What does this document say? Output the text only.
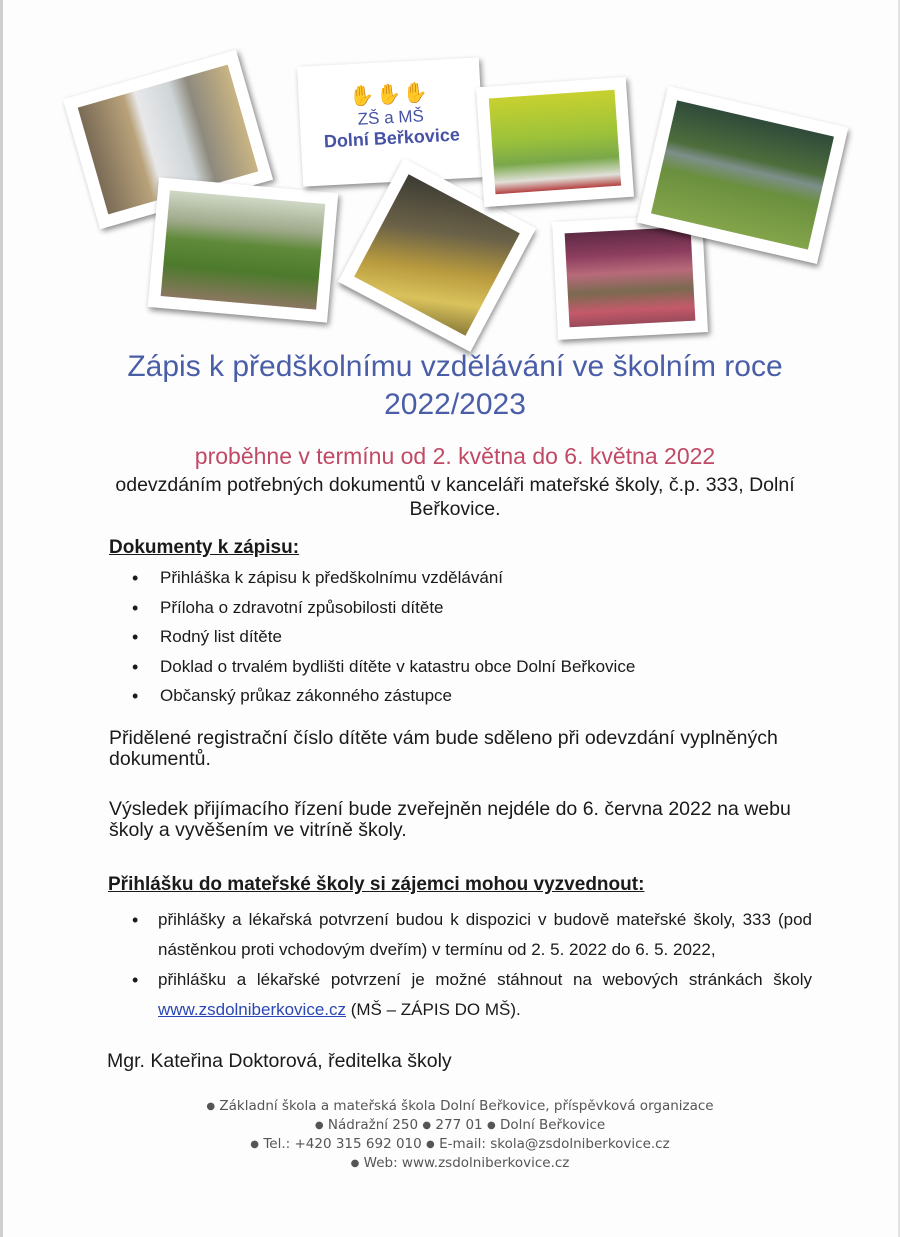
✋✋✋
ZŠ a MŠ
Dolní Beřkovice
Zápis k předškolnímu vzdělávání ve školním roce
2022/2023
proběhne v termínu od 2. května do 6. května 2022
odevzdáním potřebných dokumentů v kanceláři mateřské školy, č.p. 333, Dolní Beřkovice.
Dokumenty k zápisu:
• Přihláška k zápisu k předškolnímu vzdělávání
• Příloha o zdravotní způsobilosti dítěte
• Rodný list dítěte
• Doklad o trvalém bydlišti dítěte v katastru obce Dolní Beřkovice
• Občanský průkaz zákonného zástupce
Přidělené registrační číslo dítěte vám bude sděleno při odevzdání vyplněných dokumentů.
Výsledek přijímacího řízení bude zveřejněn nejdéle do 6. června 2022 na webu školy a vyvěšením ve vitríně školy.
Přihlášku do mateřské školy si zájemci mohou vyzvednout:
• přihlášky a lékařská potvrzení budou k dispozici v budově mateřské školy, 333 (pod nástěnkou proti vchodovým dveřím) v termínu od 2. 5. 2022 do 6. 5. 2022,
• přihlášku a lékařské potvrzení je možné stáhnout na webových stránkách školy www.zsdolniberkovice.cz (MŠ – ZÁPIS DO MŠ).
Mgr. Kateřina Doktorová, ředitelka školy
● Základní škola a mateřská škola Dolní Beřkovice, příspěvková organizace
● Nádražní 250 ● 277 01 ● Dolní Beřkovice
● Tel.: +420 315 692 010 ● E-mail: skola@zsdolniberkovice.cz
● Web: www.zsdolniberkovice.cz
